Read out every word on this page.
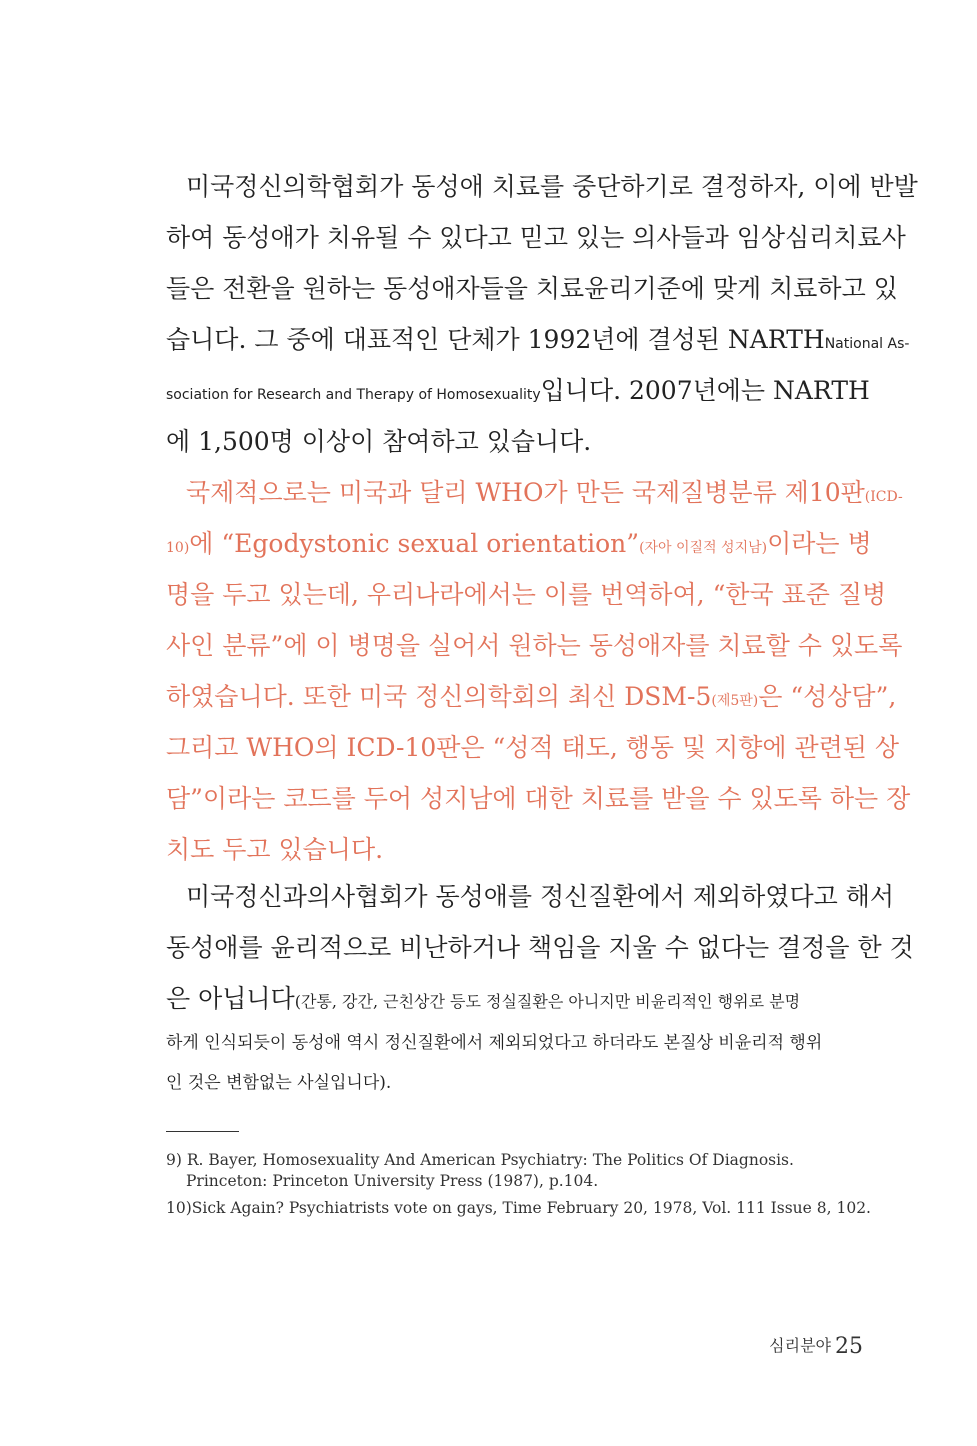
미국정신의학협회가 동성애 치료를 중단하기로 결정하자, 이에 반발
하여 동성애가 치유될 수 있다고 믿고 있는 의사들과 임상심리치료사
들은 전환을 원하는 동성애자들을 치료윤리기준에 맞게 치료하고 있
습니다. 그 중에 대표적인 단체가 1992년에 결성된 NARTHNational As-
sociation for Research and Therapy of Homosexuality입니다. 2007년에는 NARTH
에 1,500명 이상이 참여하고 있습니다.
국제적으로는 미국과 달리 WHO가 만든 국제질병분류 제10판(ICD-
10)에 “Egodystonic sexual orientation”(자아 이질적 성지남)이라는 병
명을 두고 있는데, 우리나라에서는 이를 번역하여, “한국 표준 질병
사인 분류”에 이 병명을 실어서 원하는 동성애자를 치료할 수 있도록
하였습니다. 또한 미국 정신의학회의 최신 DSM-5(제5판)은 “성상담”,
그리고 WHO의 ICD-10판은 “성적 태도, 행동 및 지향에 관련된 상
담”이라는 코드를 두어 성지남에 대한 치료를 받을 수 있도록 하는 장
치도 두고 있습니다.
미국정신과의사협회가 동성애를 정신질환에서 제외하였다고 해서
동성애를 윤리적으로 비난하거나 책임을 지울 수 없다는 결정을 한 것
은 아닙니다(간통, 강간, 근친상간 등도 정실질환은 아니지만 비윤리적인 행위로 분명
하게 인식되듯이 동성애 역시 정신질환에서 제외되었다고 하더라도 본질상 비윤리적 행위
인 것은 변함없는 사실입니다).
9) R. Bayer, Homosexuality And American Psychiatry: The Politics Of Diagnosis.
Princeton: Princeton University Press (1987), p.104.
10)Sick Again? Psychiatrists vote on gays, Time February 20, 1978, Vol. 111 Issue 8, 102.
심리분야 25
